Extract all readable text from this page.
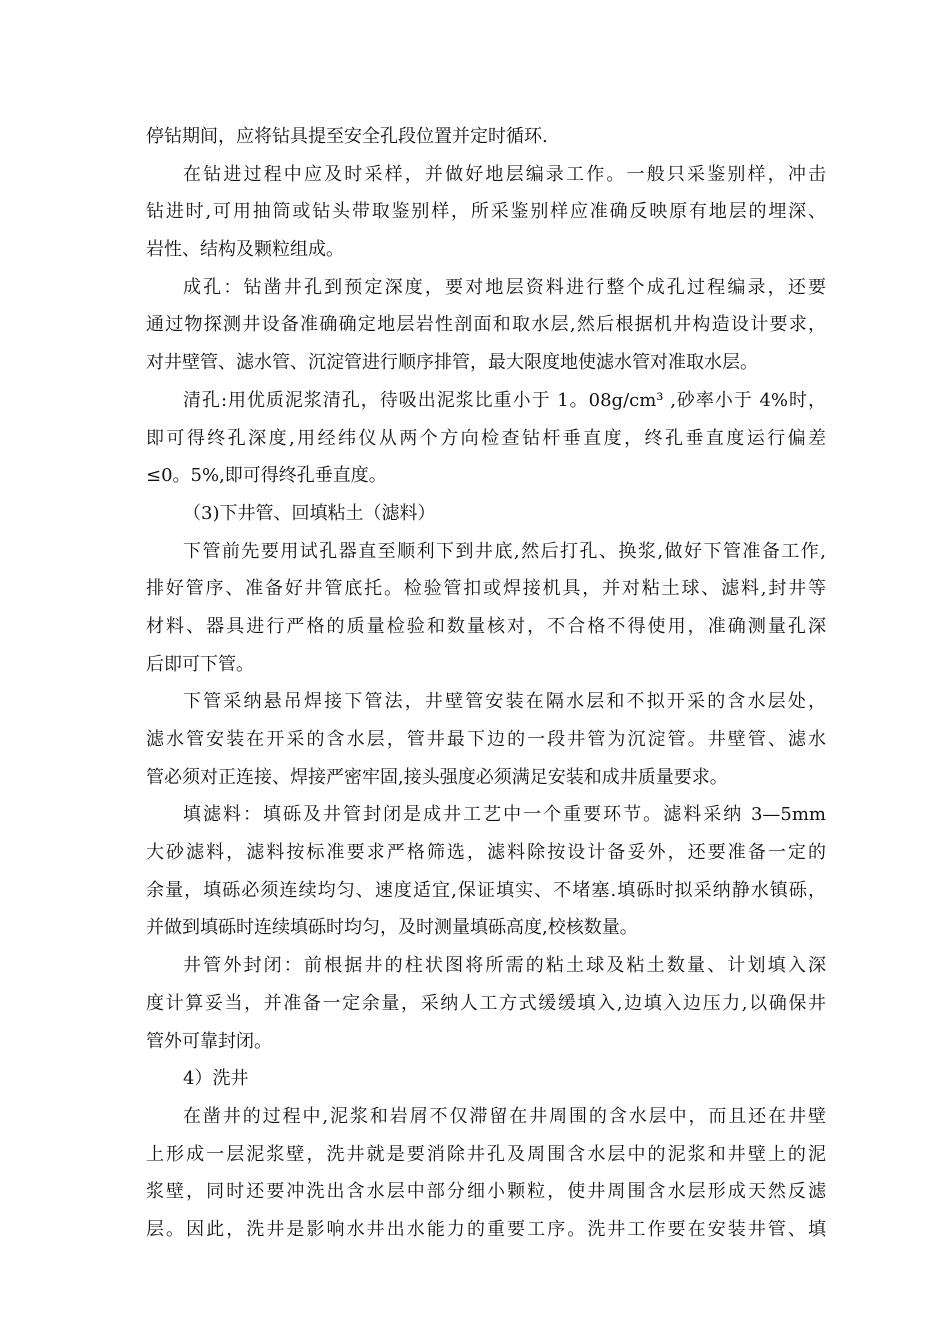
停钻期间，应将钻具提至安全孔段位置并定时循环.
在钻进过程中应及时采样，并做好地层编录工作。一般只采鉴别样，冲击
钻进时,可用抽筒或钻头带取鉴别样，所采鉴别样应准确反映原有地层的埋深、
岩性、结构及颗粒组成。
成孔：钻凿井孔到预定深度，要对地层资料进行整个成孔过程编录，还要
通过物探测井设备准确确定地层岩性剖面和取水层,然后根据机井构造设计要求，
对井壁管、滤水管、沉淀管进行顺序排管，最大限度地使滤水管对准取水层。
清孔:用优质泥浆清孔，待吸出泥浆比重小于 1。08g/cm³ ,砂率小于 4%时，
即可得终孔深度,用经纬仪从两个方向检查钻杆垂直度，终孔垂直度运行偏差
≤0。5%,即可得终孔垂直度。
（3)下井管、回填粘土（滤料）
下管前先要用试孔器直至顺利下到井底,然后打孔、换浆,做好下管准备工作,
排好管序、准备好井管底托。检验管扣或焊接机具，并对粘土球、滤料,封井等
材料、器具进行严格的质量检验和数量核对，不合格不得使用，准确测量孔深
后即可下管。
下管采纳悬吊焊接下管法，井壁管安装在隔水层和不拟开采的含水层处，
滤水管安装在开采的含水层，管井最下边的一段井管为沉淀管。井壁管、滤水
管必须对正连接、焊接严密牢固,接头强度必须满足安装和成井质量要求。
填滤料：填砾及井管封闭是成井工艺中一个重要环节。滤料采纳 3—5mm
大砂滤料，滤料按标准要求严格筛选，滤料除按设计备妥外，还要准备一定的
余量，填砾必须连续均匀、速度适宜,保证填实、不堵塞.填砾时拟采纳静水镇砾，
并做到填砾时连续填砾时均匀，及时测量填砾高度,校核数量。
井管外封闭：前根据井的柱状图将所需的粘土球及粘土数量、计划填入深
度计算妥当，并准备一定余量，采纳人工方式缓缓填入,边填入边压力,以确保井
管外可靠封闭。
4）洗井
在凿井的过程中,泥浆和岩屑不仅滞留在井周围的含水层中，而且还在井壁
上形成一层泥浆壁，洗井就是要消除井孔及周围含水层中的泥浆和井壁上的泥
浆壁，同时还要冲洗出含水层中部分细小颗粒，使井周围含水层形成天然反滤
层。因此，洗井是影响水井出水能力的重要工序。洗井工作要在安装井管、填
